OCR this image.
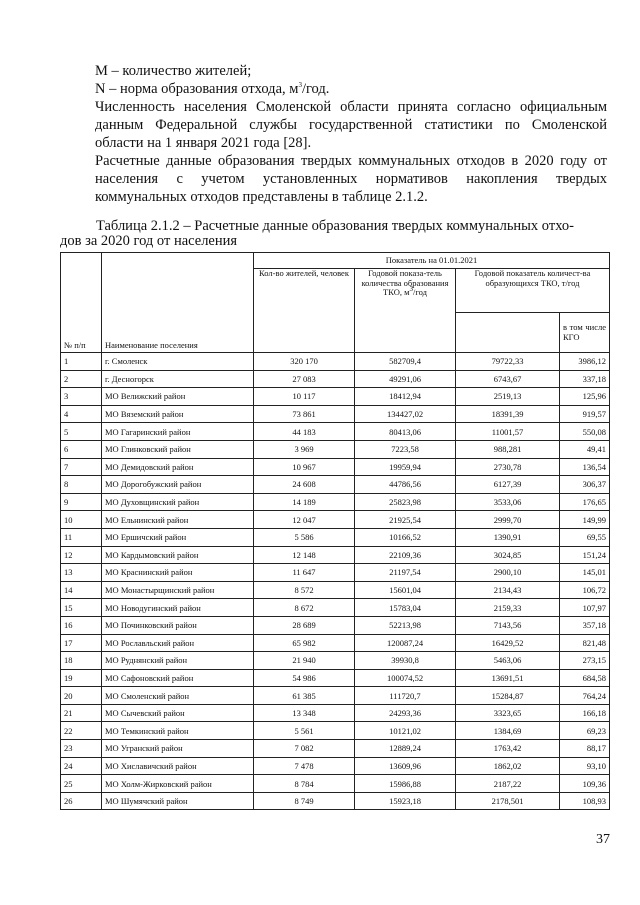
M – количество жителей;
N – норма образования отхода, $м^3$/год.
Численность населения Смоленской области принята согласно официальным данным Федеральной службы государственной статистики по Смоленской области на 1 января 2021 года [28].
Расчетные данные образования твердых коммунальных отходов в 2020 году от населения с учетом установленных нормативов накопления твердых коммунальных отходов представлены в таблице 2.1.2.
Таблица 2.1.2 – Расчетные данные образования твердых коммунальных отхо-
дов за 2020 год от населения
№ п/п	Наименование поселения	Показатель на 01.01.2021			
		Кол-во жителей, человек	Годовой показа-тель количества образования ТКО, $м^3$/год	Годовой показатель количест-ва образующихся ТКО, т/год	
					в том числе КГО
1	г. Смоленск	320 170	582709,4	79722,33	3986,12
2	г. Десногорск	27 083	49291,06	6743,67	337,18
3	МО Велижский район	10 117	18412,94	2519,13	125,96
4	МО Вяземский район	73 861	134427,02	18391,39	919,57
5	МО Гагаринский район	44 183	80413,06	11001,57	550,08
6	МО Глинковский район	3 969	7223,58	988,281	49,41
7	МО Демидовский район	10 967	19959,94	2730,78	136,54
8	МО Дорогобужский район	24 608	44786,56	6127,39	306,37
9	МО Духовщинский район	14 189	25823,98	3533,06	176,65
10	МО Ельнинский район	12 047	21925,54	2999,70	149,99
11	МО Ершичский район	5 586	10166,52	1390,91	69,55
12	МО Кардымовский район	12 148	22109,36	3024,85	151,24
13	МО Краснинский район	11 647	21197,54	2900,10	145,01
14	МО Монастырщинский район	8 572	15601,04	2134,43	106,72
15	МО Новодугинский район	8 672	15783,04	2159,33	107,97
16	МО Починковский район	28 689	52213,98	7143,56	357,18
17	МО Рославльский район	65 982	120087,24	16429,52	821,48
18	МО Руднянский район	21 940	39930,8	5463,06	273,15
19	МО Сафоновский район	54 986	100074,52	13691,51	684,58
20	МО Смоленский район	61 385	111720,7	15284,87	764,24
21	МО Сычевский район	13 348	24293,36	3323,65	166,18
22	МО Темкинский район	5 561	10121,02	1384,69	69,23
23	МО Угранский район	7 082	12889,24	1763,42	88,17
24	МО Хиславичский район	7 478	13609,96	1862,02	93,10
25	МО Холм-Жирковский район	8 784	15986,88	2187,22	109,36
26	МО Шумячский район	8 749	15923,18	2178,501	108,93
37
